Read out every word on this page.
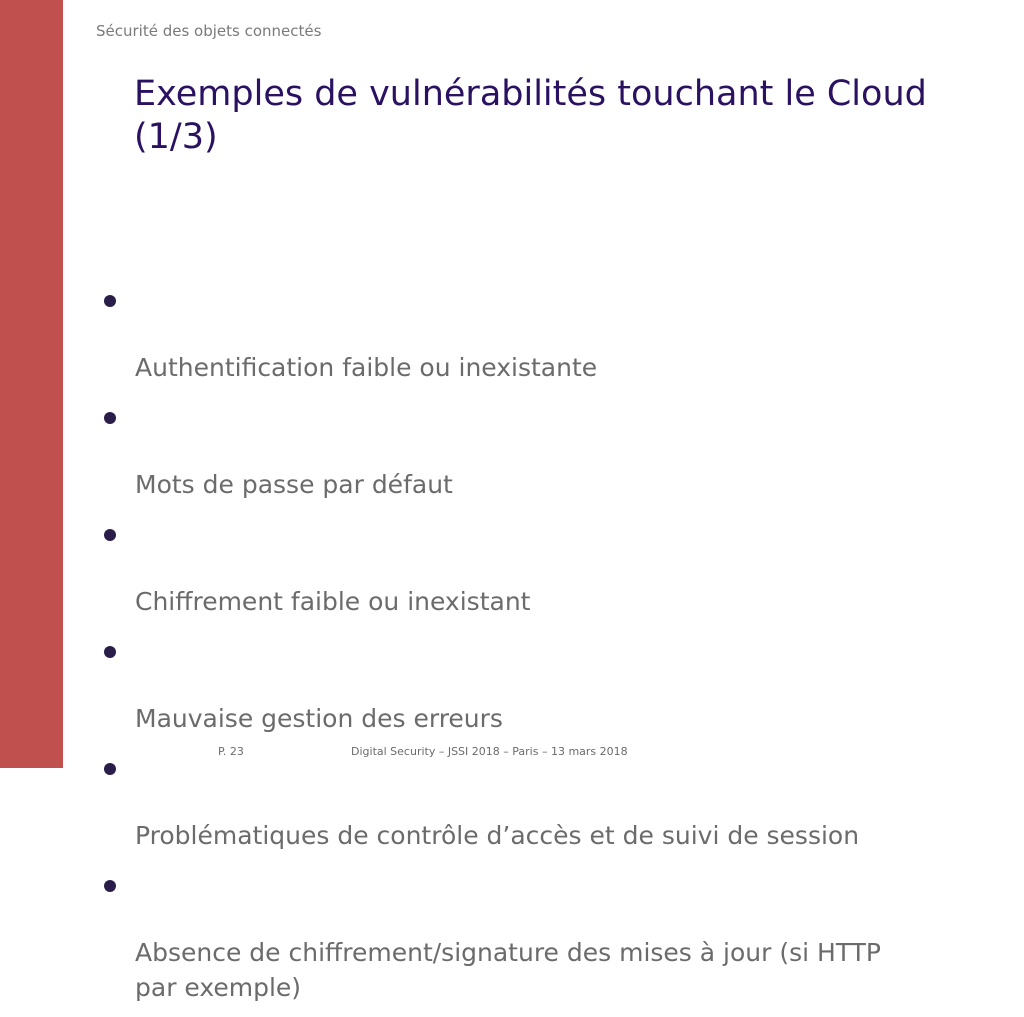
Sécurité des objets connectés
Exemples de vulnérabilités touchant le Cloud
(1/3)

Authentification faible ou inexistante

Mots de passe par défaut

Chiffrement faible ou inexistant

Mauvaise gestion des erreurs

Problématiques de contrôle d’accès et de suivi de session

Absence de chiffrement/signature des mises à jour (si HTTP
par exemple)

P. 23	Digital Security – JSSI 2018 – Paris – 13 mars 2018
